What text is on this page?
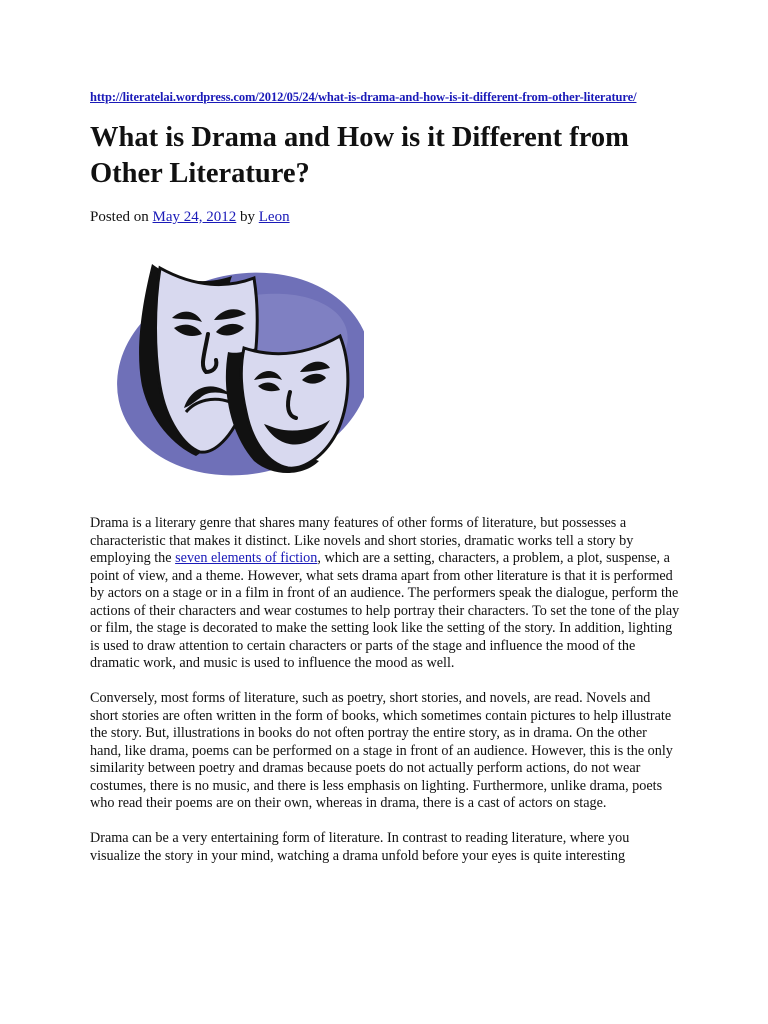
http://literatelai.wordpress.com/2012/05/24/what-is-drama-and-how-is-it-different-from-other-literature/
What is Drama and How is it Different from Other Literature?
Posted on May 24, 2012 by Leon

Drama is a literary genre that shares many features of other forms of literature, but possesses a characteristic that makes it distinct. Like novels and short stories, dramatic works tell a story by employing the seven elements of fiction, which are a setting, characters, a problem, a plot, suspense, a point of view, and a theme. However, what sets drama apart from other literature is that it is performed by actors on a stage or in a film in front of an audience. The performers speak the dialogue, perform the actions of their characters and wear costumes to help portray their characters. To set the tone of the play or film, the stage is decorated to make the setting look like the setting of the story. In addition, lighting is used to draw attention to certain characters or parts of the stage and influence the mood of the dramatic work, and music is used to influence the mood as well.

Conversely, most forms of literature, such as poetry, short stories, and novels, are read. Novels and short stories are often written in the form of books, which sometimes contain pictures to help illustrate the story. But, illustrations in books do not often portray the entire story, as in drama. On the other hand, like drama, poems can be performed on a stage in front of an audience. However, this is the only similarity between poetry and dramas because poets do not actually perform actions, do not wear costumes, there is no music, and there is less emphasis on lighting. Furthermore, unlike drama, poets who read their poems are on their own, whereas in drama, there is a cast of actors on stage.

Drama can be a very entertaining form of literature. In contrast to reading literature, where you visualize the story in your mind, watching a drama unfold before your eyes is quite interesting
